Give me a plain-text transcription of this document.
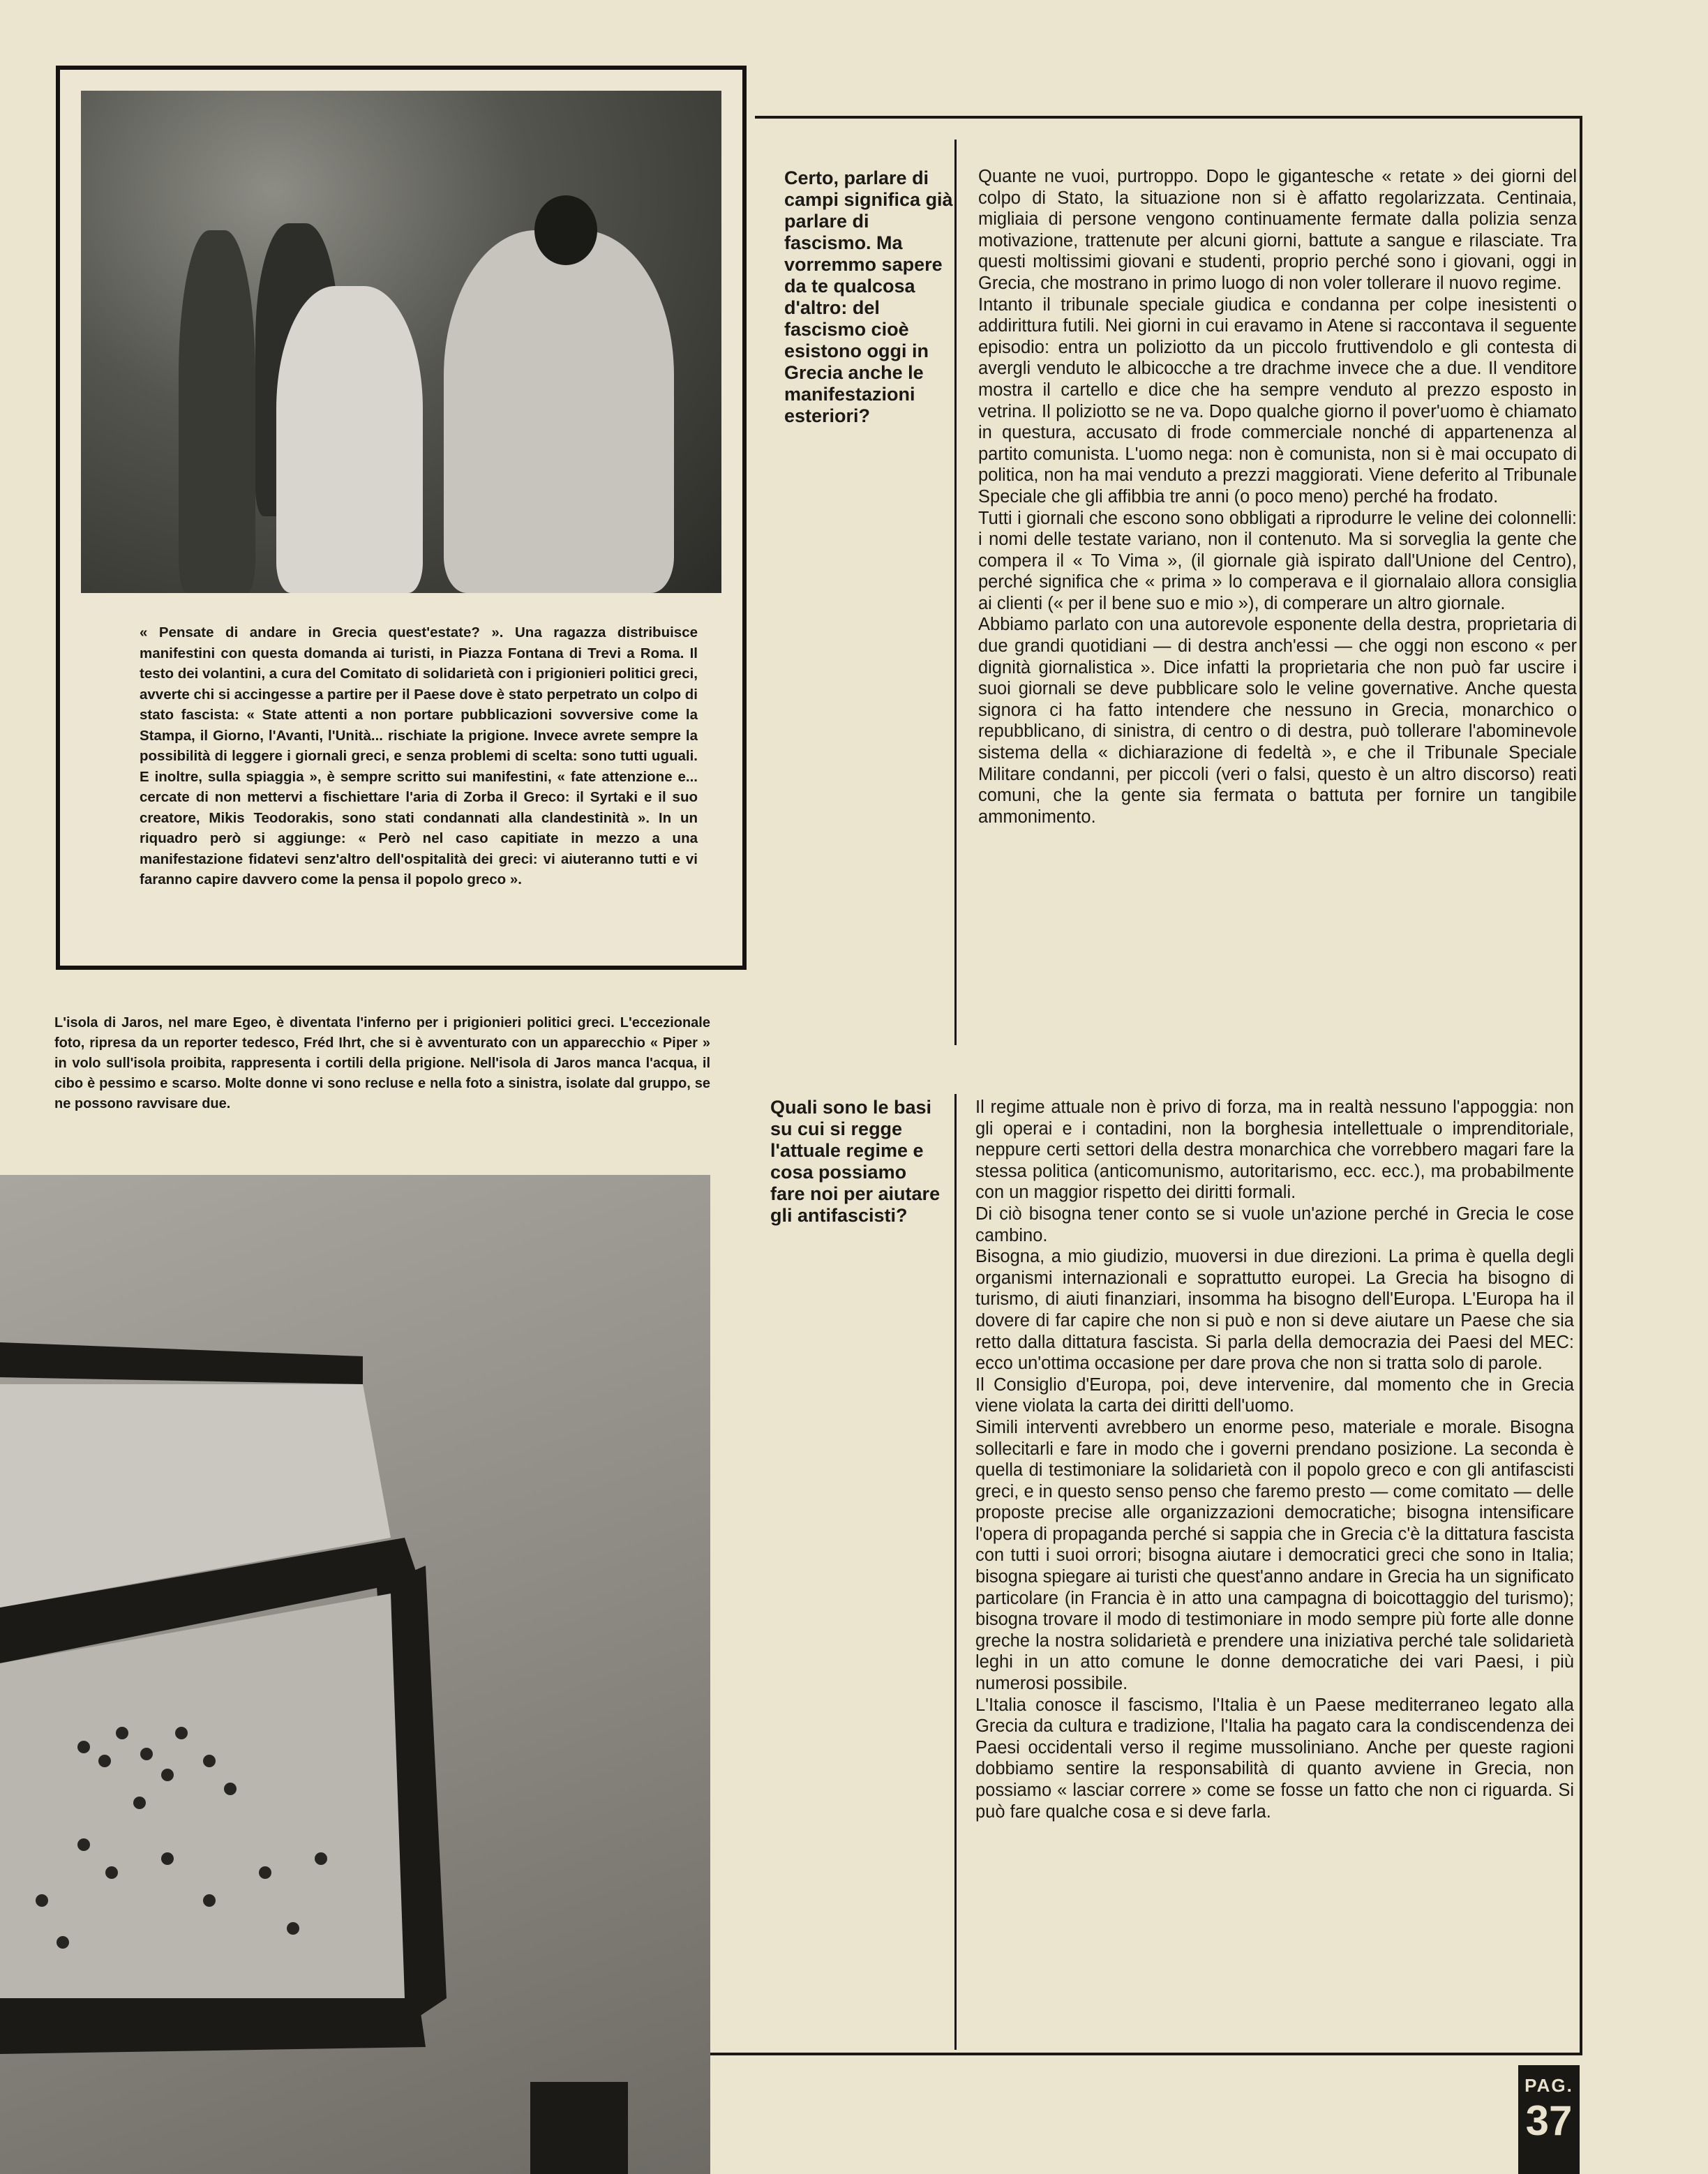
« Pensate di andare in Grecia quest'estate? ». Una ragazza distribuisce manifestini con questa domanda ai turisti, in Piazza Fontana di Trevi a Roma. Il testo dei volantini, a cura del Comitato di solidarietà con i prigionieri politici greci, avverte chi si accingesse a partire per il Paese dove è stato perpetrato un colpo di stato fascista: « State attenti a non portare pubblicazioni sovversive come la Stampa, il Giorno, l'Avanti, l'Unità... rischiate la prigione. Invece avrete sempre la possibilità di leggere i giornali greci, e senza problemi di scelta: sono tutti uguali. E inoltre, sulla spiaggia », è sempre scritto sui manifestini, « fate attenzione e... cercate di non mettervi a fischiettare l'aria di Zorba il Greco: il Syrtaki e il suo creatore, Mikis Teodorakis, sono stati condannati alla clandestinità ». In un riquadro però si aggiunge: « Però nel caso capitiate in mezzo a una manifestazione fidatevi senz'altro dell'ospitalità dei greci: vi aiuteranno tutti e vi faranno capire davvero come la pensa il popolo greco ».
L'isola di Jaros, nel mare Egeo, è diventata l'inferno per i prigionieri politici greci. L'eccezionale foto, ripresa da un reporter tedesco, Fréd Ihrt, che si è avventurato con un apparecchio « Piper » in volo sull'isola proibita, rappresenta i cortili della prigione. Nell'isola di Jaros manca l'acqua, il cibo è pessimo e scarso. Molte donne vi sono recluse e nella foto a sinistra, isolate dal gruppo, se ne possono ravvisare due.
Certo, parlare di campi significa già parlare di fascismo. Ma vorremmo sapere da te qualcosa d'altro: del fascismo cioè esistono oggi in Grecia anche le manifestazioni esteriori?

Quante ne vuoi, purtroppo. Dopo le gigantesche « retate » dei giorni del colpo di Stato, la situazione non si è affatto regolarizzata. Centinaia, migliaia di persone vengono continuamente fermate dalla polizia senza motivazione, trattenute per alcuni giorni, battute a sangue e rilasciate. Tra questi moltissimi giovani e studenti, proprio perché sono i giovani, oggi in Grecia, che mostrano in primo luogo di non voler tollerare il nuovo regime.

Intanto il tribunale speciale giudica e condanna per colpe inesistenti o addirittura futili. Nei giorni in cui eravamo in Atene si raccontava il seguente episodio: entra un poliziotto da un piccolo fruttivendolo e gli contesta di avergli venduto le albicocche a tre drachme invece che a due. Il venditore mostra il cartello e dice che ha sempre venduto al prezzo esposto in vetrina. Il poliziotto se ne va. Dopo qualche giorno il pover'uomo è chiamato in questura, accusato di frode commerciale nonché di appartenenza al partito comunista. L'uomo nega: non è comunista, non si è mai occupato di politica, non ha mai venduto a prezzi maggiorati. Viene deferito al Tribunale Speciale che gli affibbia tre anni (o poco meno) perché ha frodato.

Tutti i giornali che escono sono obbligati a riprodurre le veline dei colonnelli: i nomi delle testate variano, non il contenuto. Ma si sorveglia la gente che compera il « To Vima », (il giornale già ispirato dall'Unione del Centro), perché significa che « prima » lo comperava e il giornalaio allora consiglia ai clienti (« per il bene suo e mio »), di comperare un altro giornale.

Abbiamo parlato con una autorevole esponente della destra, proprietaria di due grandi quotidiani — di destra anch'essi — che oggi non escono « per dignità giornalistica ». Dice infatti la proprietaria che non può far uscire i suoi giornali se deve pubblicare solo le veline governative. Anche questa signora ci ha fatto intendere che nessuno in Grecia, monarchico o repubblicano, di sinistra, di centro o di destra, può tollerare l'abominevole sistema della « dichiarazione di fedeltà », e che il Tribunale Speciale Militare condanni, per piccoli (veri o falsi, questo è un altro discorso) reati comuni, che la gente sia fermata o battuta per fornire un tangibile ammonimento.

Quali sono le basi su cui si regge l'attuale regime e cosa possiamo fare noi per aiutare gli antifascisti?

Il regime attuale non è privo di forza, ma in realtà nessuno l'appoggia: non gli operai e i contadini, non la borghesia intellettuale o imprenditoriale, neppure certi settori della destra monarchica che vorrebbero magari fare la stessa politica (anticomunismo, autoritarismo, ecc. ecc.), ma probabilmente con un maggior rispetto dei diritti formali.

Di ciò bisogna tener conto se si vuole un'azione perché in Grecia le cose cambino.

Bisogna, a mio giudizio, muoversi in due direzioni. La prima è quella degli organismi internazionali e soprattutto europei. La Grecia ha bisogno di turismo, di aiuti finanziari, insomma ha bisogno dell'Europa. L'Europa ha il dovere di far capire che non si può e non si deve aiutare un Paese che sia retto dalla dittatura fascista. Si parla della democrazia dei Paesi del MEC: ecco un'ottima occasione per dare prova che non si tratta solo di parole.

Il Consiglio d'Europa, poi, deve intervenire, dal momento che in Grecia viene violata la carta dei diritti dell'uomo.

Simili interventi avrebbero un enorme peso, materiale e morale. Bisogna sollecitarli e fare in modo che i governi prendano posizione. La seconda è quella di testimoniare la solidarietà con il popolo greco e con gli antifascisti greci, e in questo senso penso che faremo presto — come comitato — delle proposte precise alle organizzazioni democratiche; bisogna intensificare l'opera di propaganda perché si sappia che in Grecia c'è la dittatura fascista con tutti i suoi orrori; bisogna aiutare i democratici greci che sono in Italia; bisogna spiegare ai turisti che quest'anno andare in Grecia ha un significato particolare (in Francia è in atto una campagna di boicottaggio del turismo); bisogna trovare il modo di testimoniare in modo sempre più forte alle donne greche la nostra solidarietà e prendere una iniziativa perché tale solidarietà leghi in un atto comune le donne democratiche dei vari Paesi, i più numerosi possibile.

L'Italia conosce il fascismo, l'Italia è un Paese mediterraneo legato alla Grecia da cultura e tradizione, l'Italia ha pagato cara la condiscendenza dei Paesi occidentali verso il regime mussoliniano. Anche per queste ragioni dobbiamo sentire la responsabilità di quanto avviene in Grecia, non possiamo « lasciar correre » come se fosse un fatto che non ci riguarda. Si può fare qualche cosa e si deve farla.

PAG.
37
